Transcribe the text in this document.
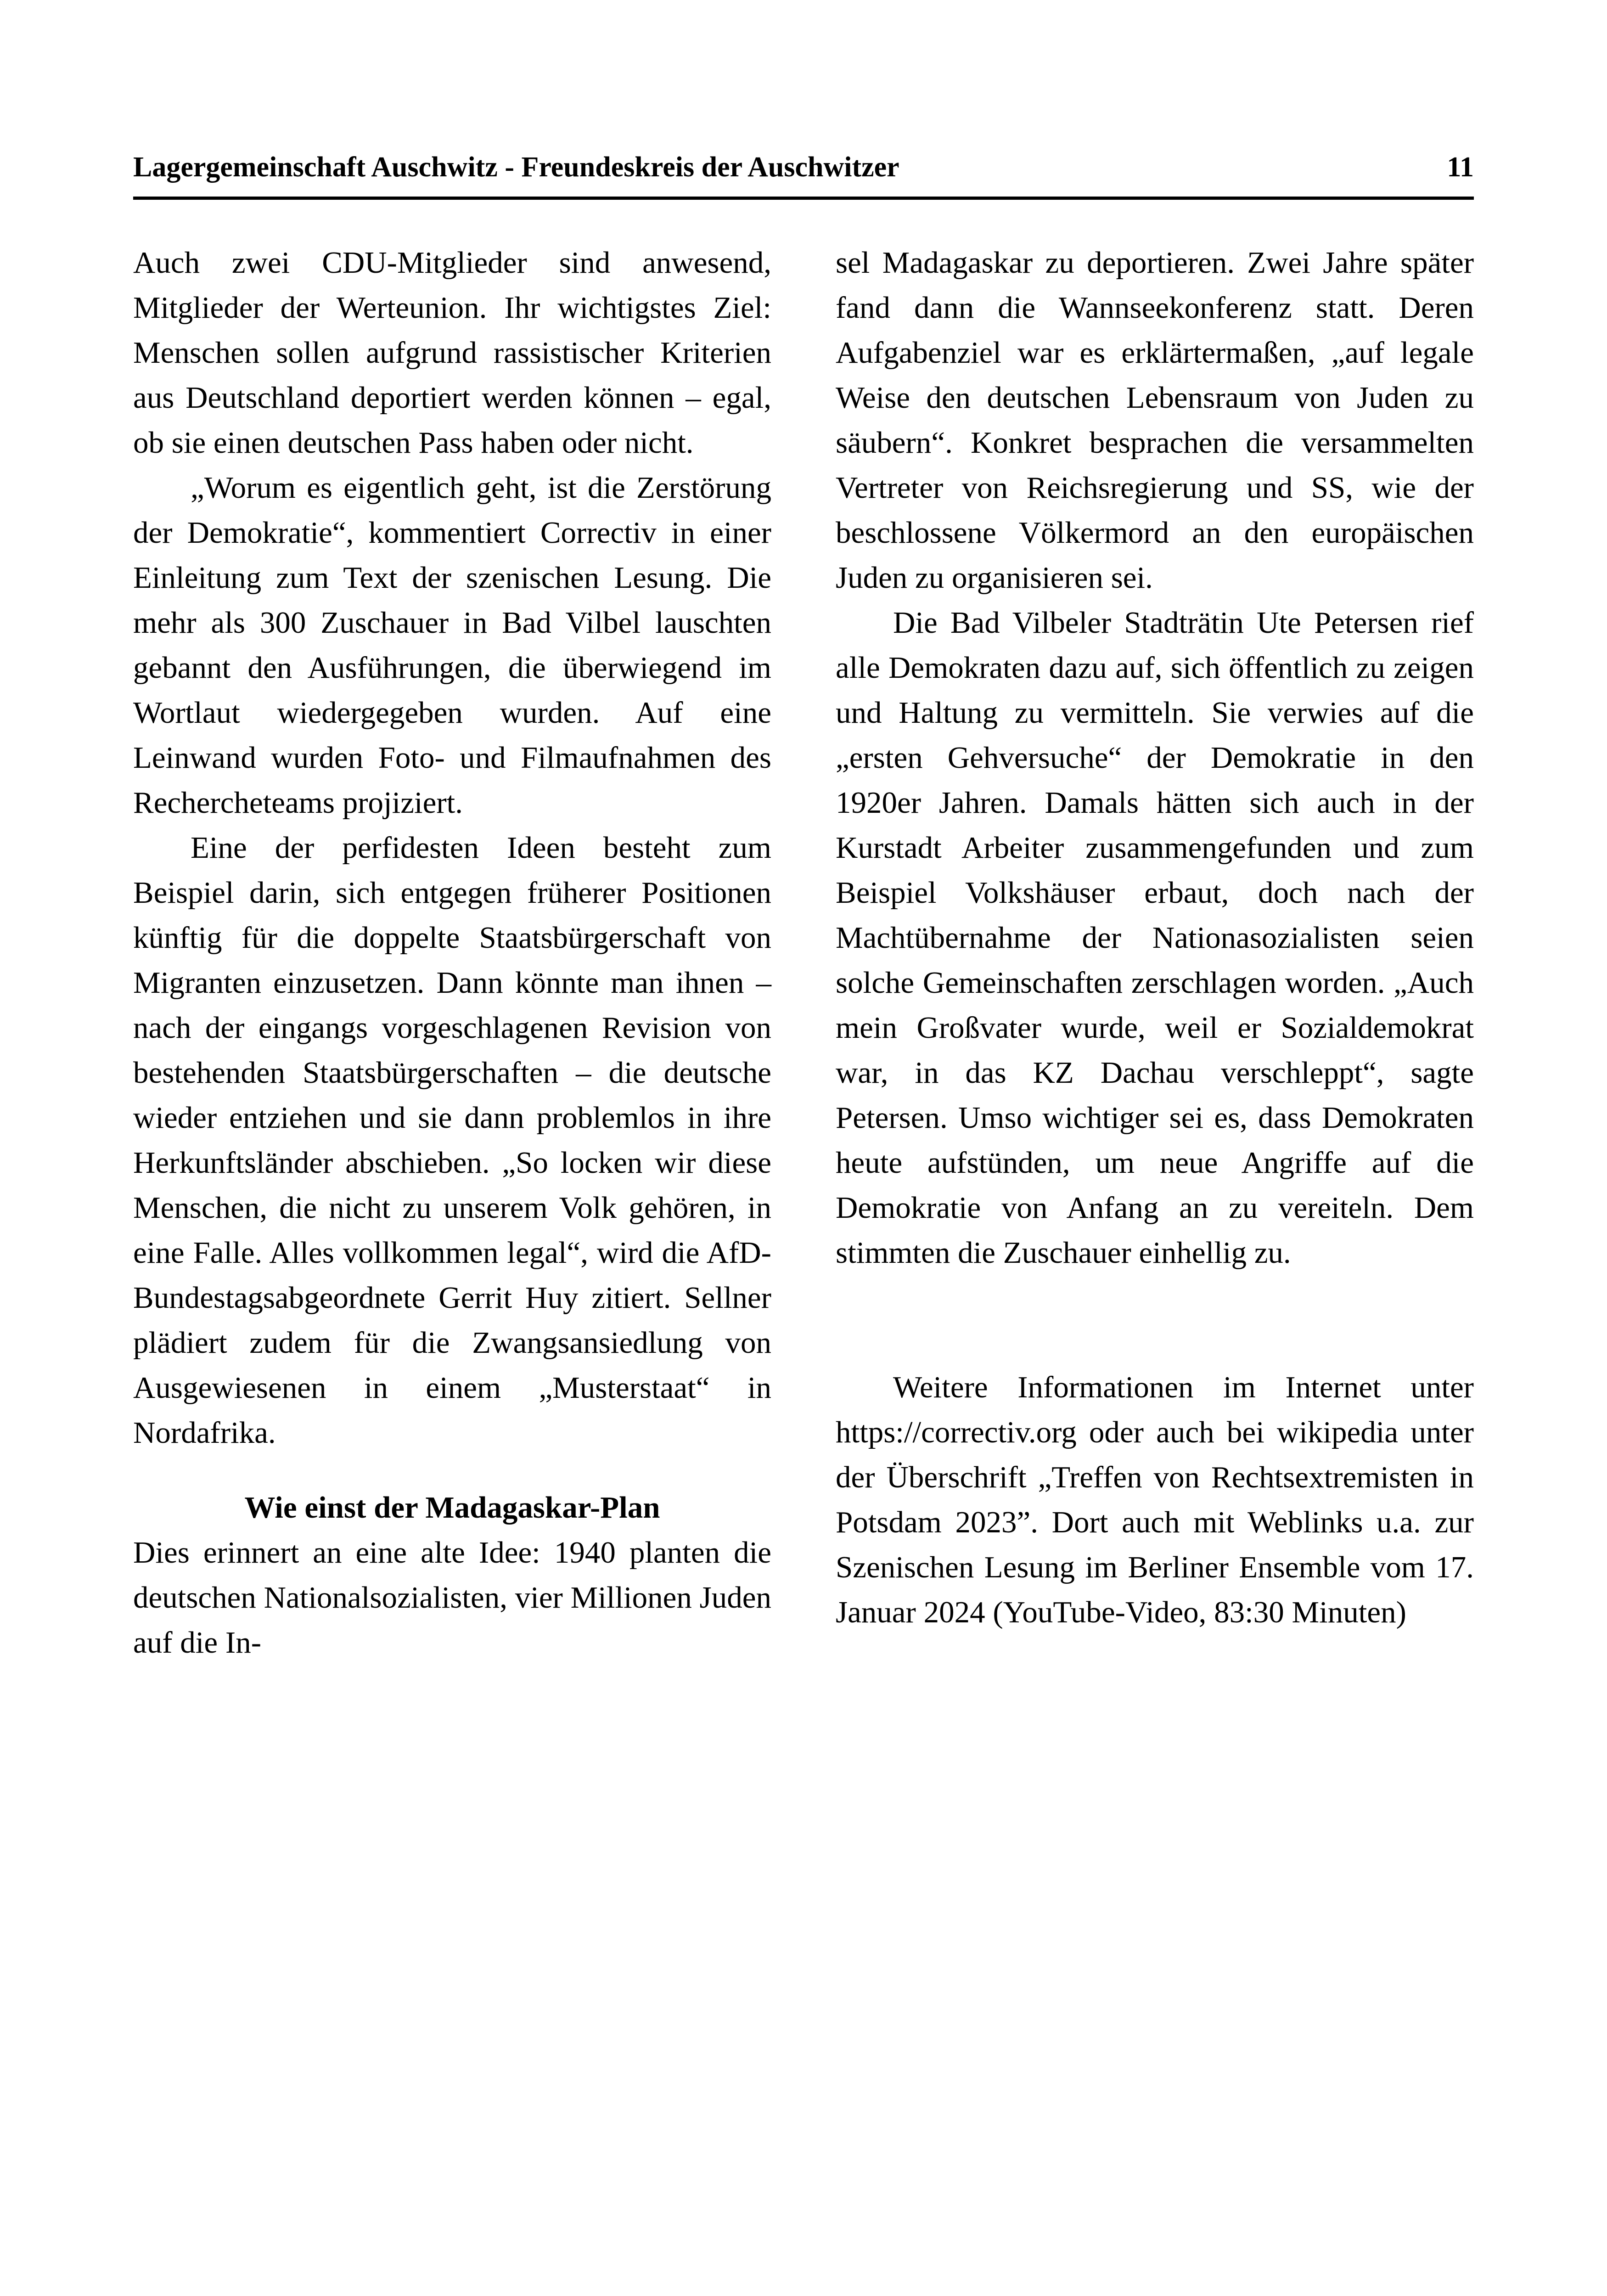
Lagergemeinschaft Auschwitz - Freundeskreis der Auschwitzer	11

Auch zwei CDU-Mitglieder sind anwesend, Mitglieder der Werteunion. Ihr wichtigstes Ziel: Menschen sollen aufgrund rassistischer Kriterien aus Deutschland deportiert werden können – egal, ob sie einen deutschen Pass haben oder nicht.

„Worum es eigentlich geht, ist die Zerstörung der Demokratie“, kommentiert Correctiv in einer Einleitung zum Text der szenischen Lesung. Die mehr als 300 Zuschauer in Bad Vilbel lauschten gebannt den Ausführungen, die überwiegend im Wortlaut wiedergegeben wurden. Auf eine Leinwand wurden Foto- und Filmaufnahmen des Rechercheteams projiziert.

Eine der perfidesten Ideen besteht zum Beispiel darin, sich entgegen früherer Positionen künftig für die doppelte Staatsbürgerschaft von Migranten einzusetzen. Dann könnte man ihnen – nach der eingangs vorgeschlagenen Revision von bestehenden Staatsbürgerschaften – die deutsche wieder entziehen und sie dann problemlos in ihre Herkunftsländer abschieben. „So locken wir diese Menschen, die nicht zu unserem Volk gehören, in eine Falle. Alles vollkommen legal“, wird die AfD-Bundestagsabgeordnete Gerrit Huy zitiert. Sellner plädiert zudem für die Zwangsansiedlung von Ausgewiesenen in einem „Musterstaat“ in Nordafrika.

Wie einst der Madagaskar-Plan

Dies erinnert an eine alte Idee: 1940 planten die deutschen Nationalsozialisten, vier Millionen Juden auf die In-

sel Madagaskar zu deportieren. Zwei Jahre später fand dann die Wannseekonferenz statt. Deren Aufgabenziel war es erklärtermaßen, „auf legale Weise den deutschen Lebensraum von Juden zu säubern“. Konkret besprachen die versammelten Vertreter von Reichsregierung und SS, wie der beschlossene Völkermord an den europäischen Juden zu organisieren sei.

Die Bad Vilbeler Stadträtin Ute Petersen rief alle Demokraten dazu auf, sich öffentlich zu zeigen und Haltung zu vermitteln. Sie verwies auf die „ersten Gehversuche“ der Demokratie in den 1920er Jahren. Damals hätten sich auch in der Kurstadt Arbeiter zusammengefunden und zum Beispiel Volkshäuser erbaut, doch nach der Machtübernahme der Nationasozialisten seien solche Gemeinschaften zerschlagen worden. „Auch mein Großvater wurde, weil er Sozialdemokrat war, in das KZ Dachau verschleppt“, sagte Petersen. Umso wichtiger sei es, dass Demokraten heute aufstünden, um neue Angriffe auf die Demokratie von Anfang an zu vereiteln. Dem stimmten die Zuschauer einhellig zu.

Weitere Informationen im Internet unter https://correctiv.org oder auch bei wikipedia unter der Überschrift „Treffen von Rechtsextremisten in Potsdam 2023”. Dort auch mit Weblinks u.a. zur Szenischen Lesung im Berliner Ensemble vom 17. Januar 2024 (YouTube-Video, 83:30 Minuten)
